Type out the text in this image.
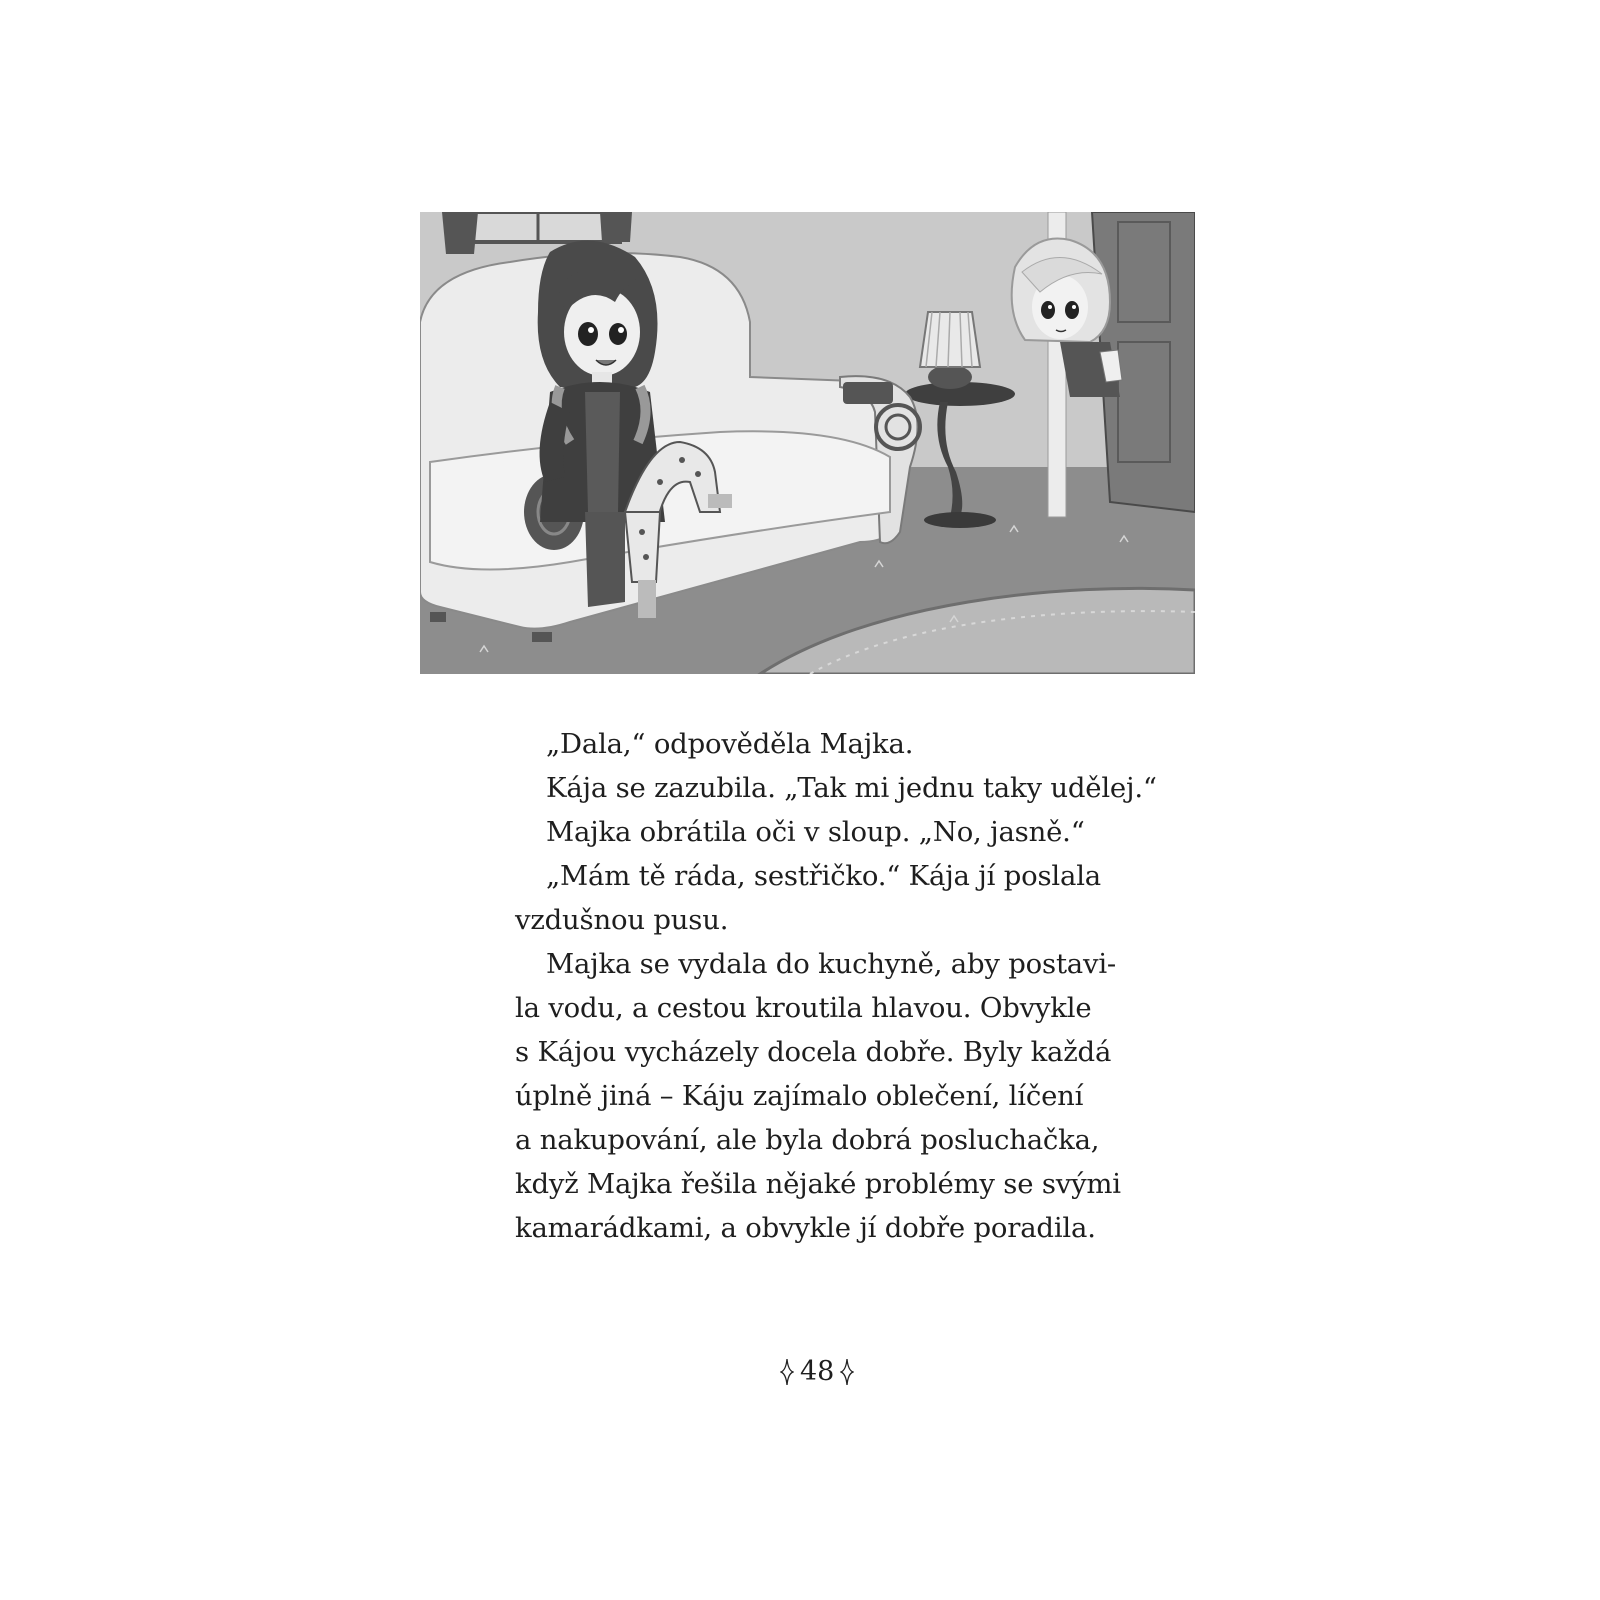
„Dala,“ odpověděla Majka.
Kája se zazubila. „Tak mi jednu taky udělej.“
Majka obrátila oči v sloup. „No, jasně.“
„Mám tě ráda, sestřičko.“ Kája jí poslala
vzdušnou pusu.
Majka se vydala do kuchyně, aby postavi-
la vodu, a cestou kroutila hlavou. Obvykle
s Kájou vycházely docela dobře. Byly každá
úplně jiná – Káju zajímalo oblečení, líčení
a nakupování, ale byla dobrá posluchačka,
když Majka řešila nějaké problémy se svými
kamarádkami, a obvykle jí dobře poradila.

48
